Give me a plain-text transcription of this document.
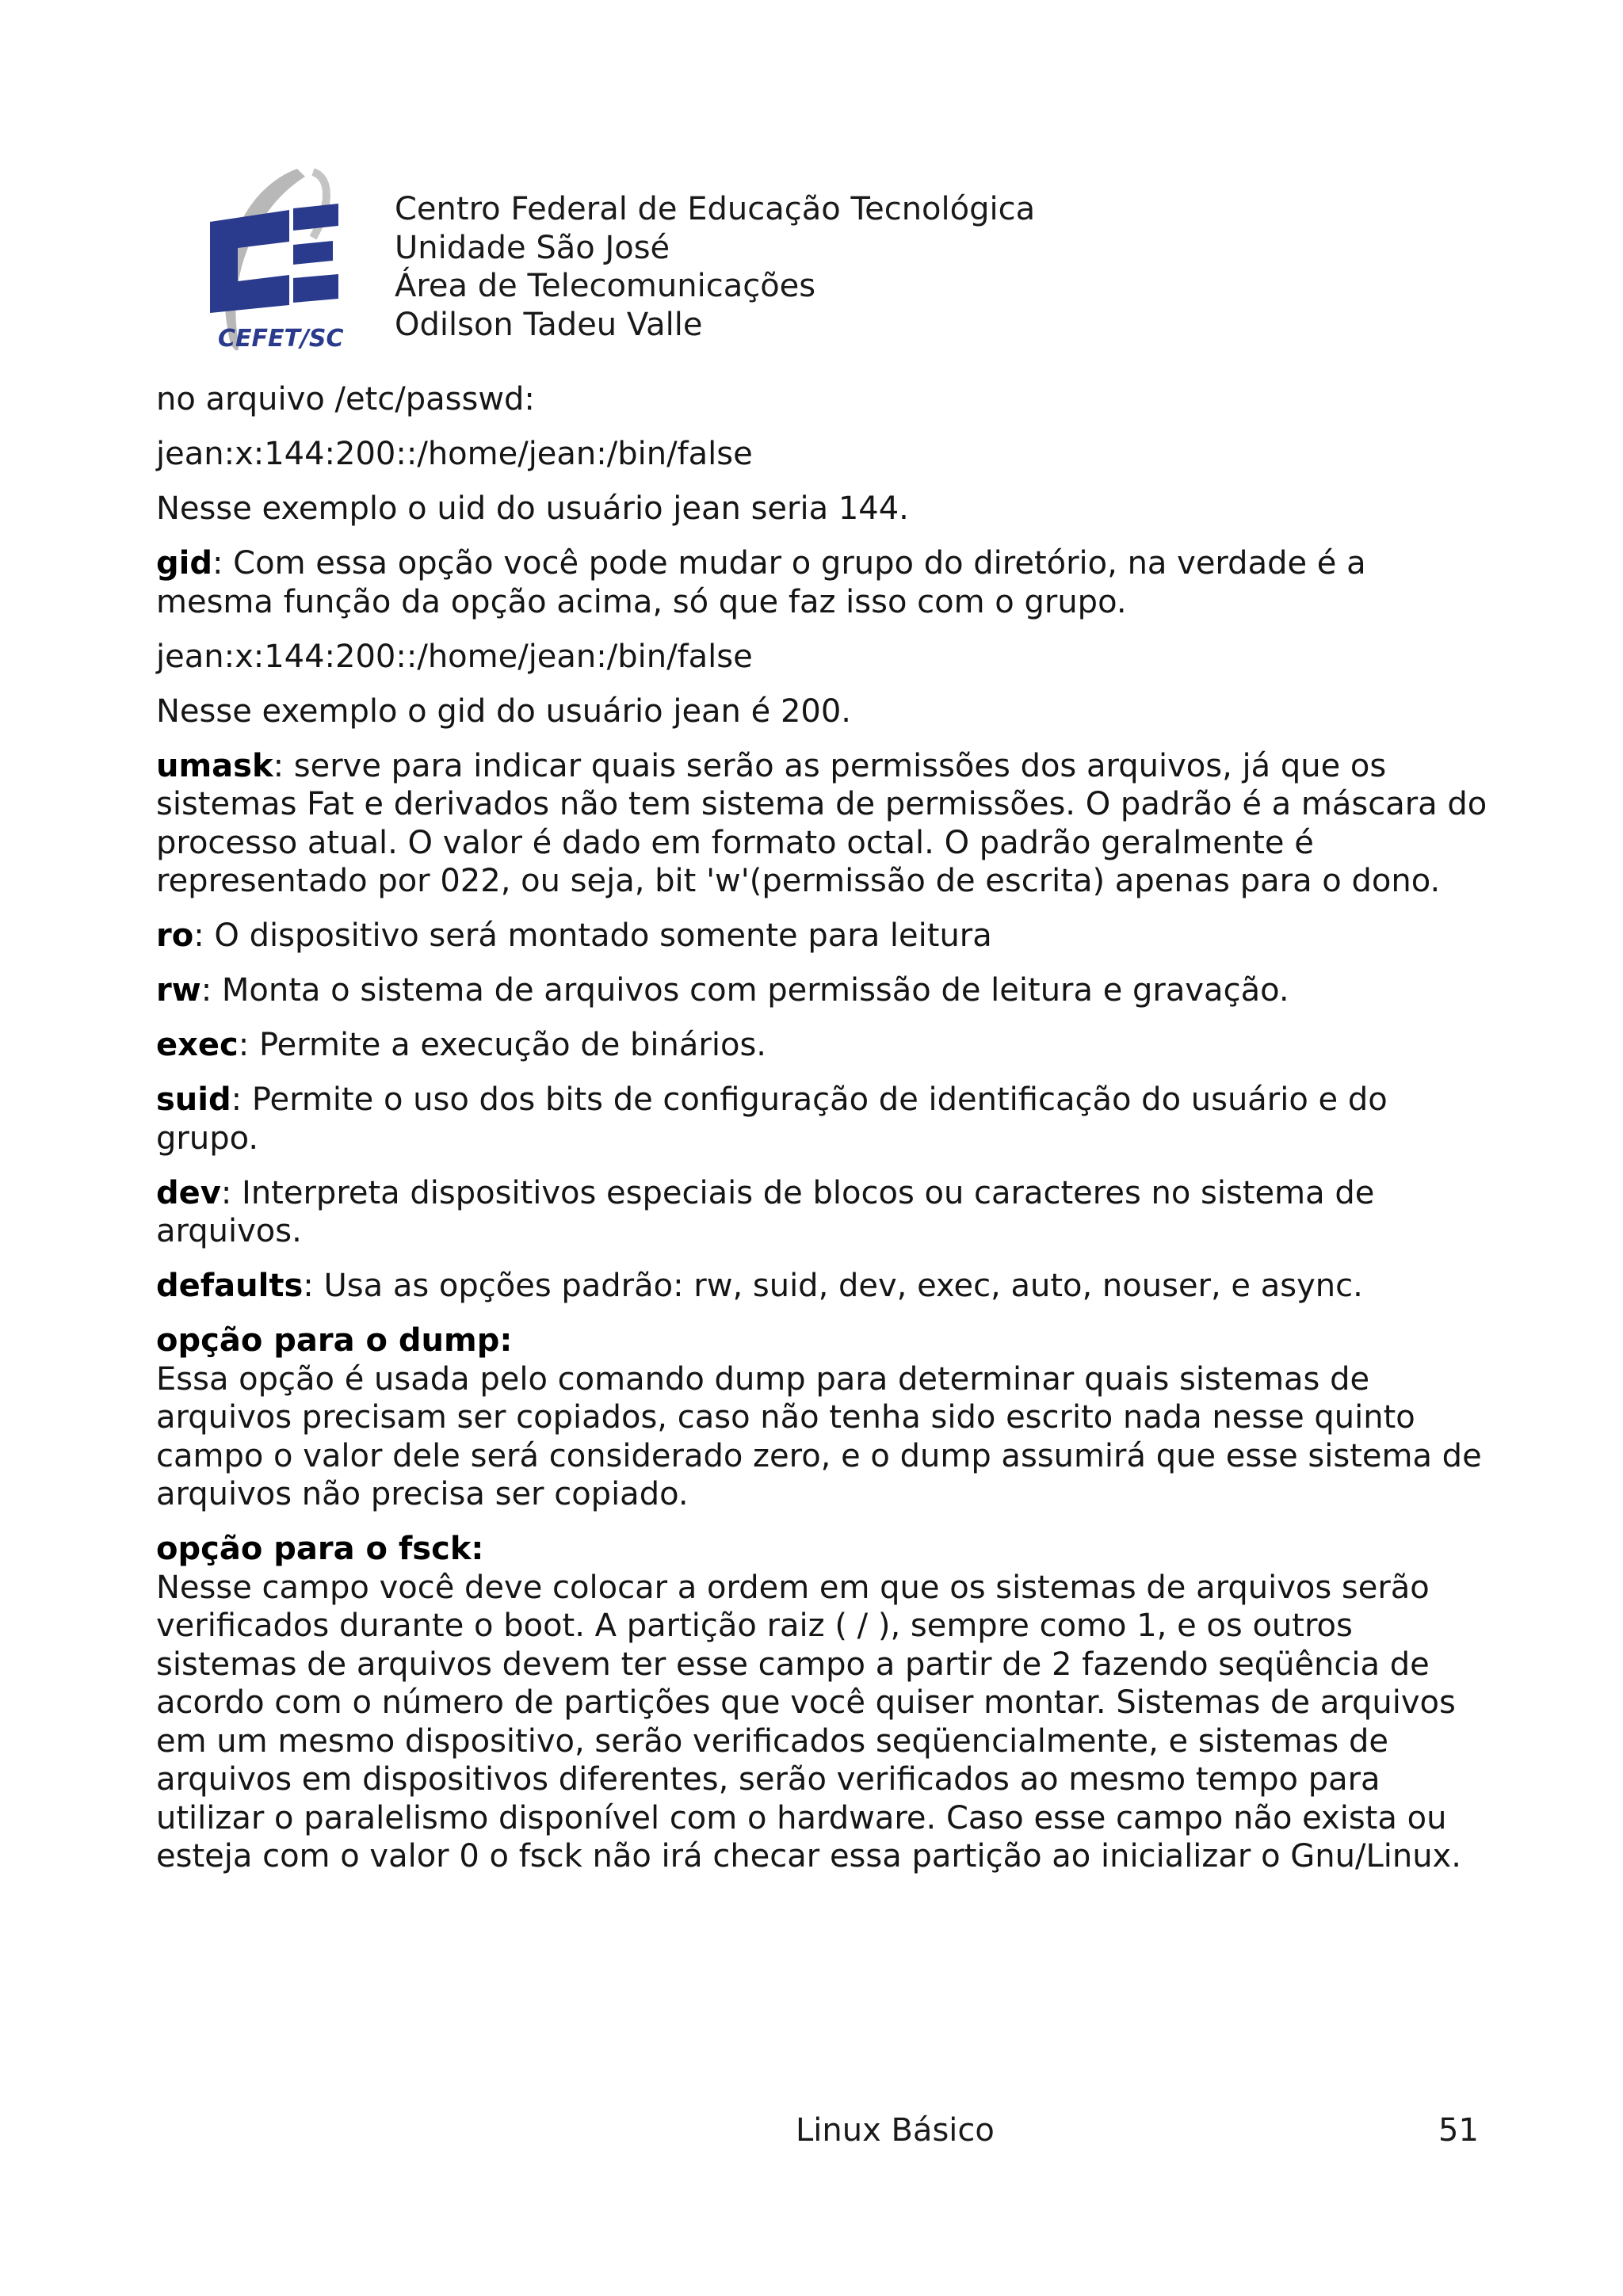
CEFET/SC
Centro Federal de Educação Tecnológica
Unidade São José
Área de Telecomunicações
Odilson Tadeu Valle

no arquivo /etc/passwd:

jean:x:144:200::/home/jean:/bin/false

Nesse exemplo o uid do usuário jean seria 144.

gid: Com essa opção você pode mudar o grupo do diretório, na verdade é a mesma função da opção acima, só que faz isso com o grupo.

jean:x:144:200::/home/jean:/bin/false

Nesse exemplo o gid do usuário jean é 200.

umask: serve para indicar quais serão as permissões dos arquivos, já que os sistemas Fat e derivados não tem sistema de permissões. O padrão é a máscara do processo atual. O valor é dado em formato octal. O padrão geralmente é representado por 022, ou seja, bit 'w'(permissão de escrita) apenas para o dono.

ro: O dispositivo será montado somente para leitura

rw: Monta o sistema de arquivos com permissão de leitura e gravação.

exec: Permite a execução de binários.

suid: Permite o uso dos bits de configuração de identificação do usuário e do grupo.

dev: Interpreta dispositivos especiais de blocos ou caracteres no sistema de arquivos.

defaults: Usa as opções padrão: rw, suid, dev, exec, auto, nouser, e async.

opção para o dump:
Essa opção é usada pelo comando dump para determinar quais sistemas de arquivos precisam ser copiados, caso não tenha sido escrito nada nesse quinto campo o valor dele será considerado zero, e o dump assumirá que esse sistema de arquivos não precisa ser copiado.
opção para o fsck:
Nesse campo você deve colocar a ordem em que os sistemas de arquivos serão verificados durante o boot. A partição raiz ( / ), sempre como 1, e os outros sistemas de arquivos devem ter esse campo a partir de 2 fazendo seqüência de acordo com o número de partições que você quiser montar. Sistemas de arquivos em um mesmo dispositivo, serão verificados seqüencialmente, e sistemas de arquivos em dispositivos diferentes, serão verificados ao mesmo tempo para utilizar o paralelismo disponível com o hardware. Caso esse campo não exista ou esteja com o valor 0 o fsck não irá checar essa partição ao inicializar o Gnu/Linux.
Linux Básico	51
